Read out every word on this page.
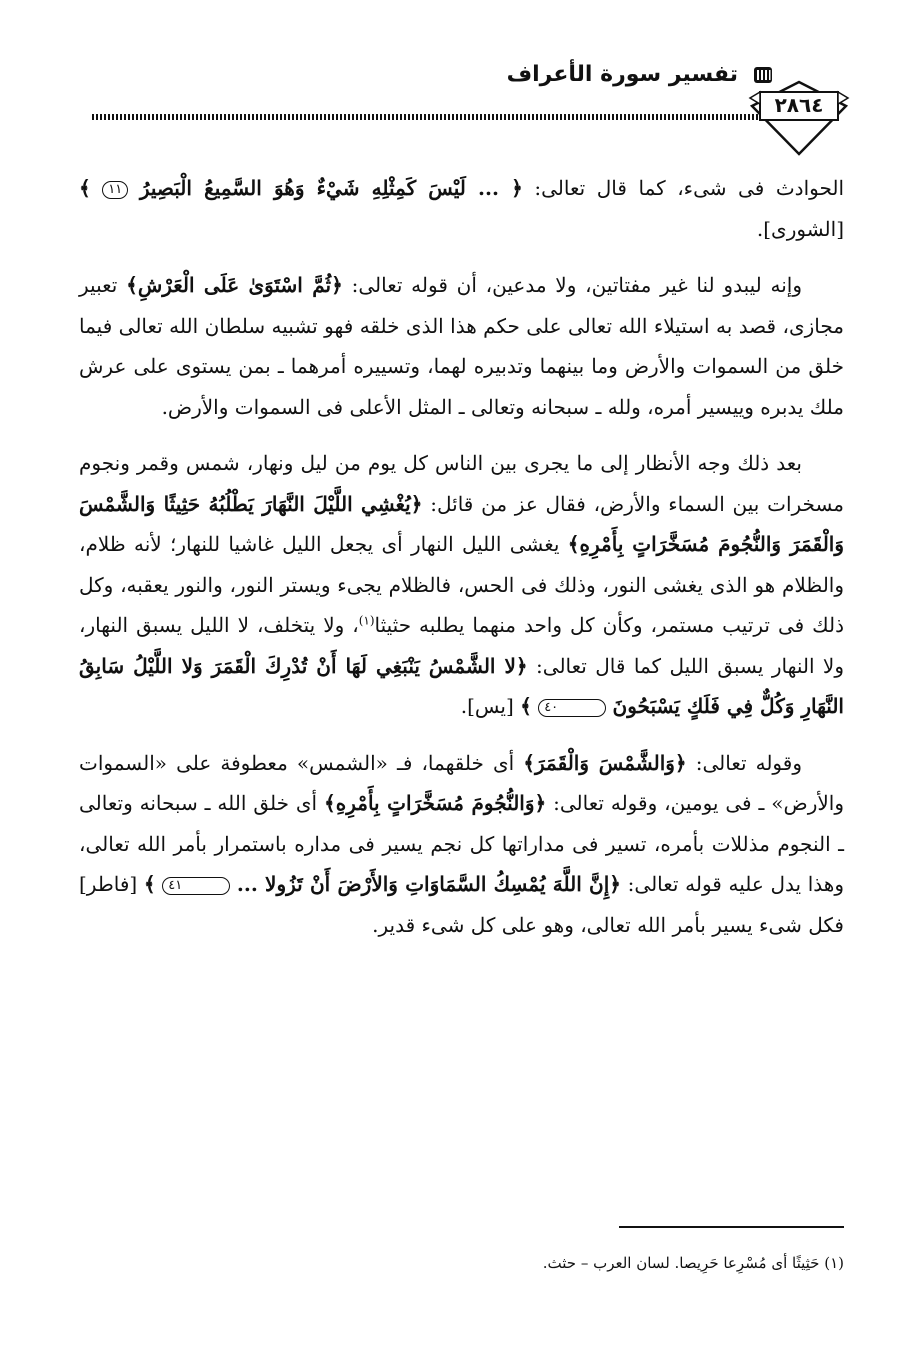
تفسير سورة الأعراف
٢٨٦٤

الحوادث فى شىء، كما قال تعالى: ﴿ ... لَيْسَ كَمِثْلِهِ شَيْءٌ وَهُوَ السَّمِيعُ الْبَصِيرُ ١١ ﴾ [الشورى].

وإنه ليبدو لنا غير مفتاتين، ولا مدعين، أن قوله تعالى: ﴿ثُمَّ اسْتَوَىٰ عَلَى الْعَرْشِ﴾ تعبير مجازى، قصد به استيلاء الله تعالى على حكم هذا الذى خلقه فهو تشبيه سلطان الله تعالى فيما خلق من السموات والأرض وما بينهما وتدبيره لهما، وتسييره أمرهما ـ بمن يستوى على عرش ملك يدبره وييسير أمره، ولله ـ سبحانه وتعالى ـ المثل الأعلى فى السموات والأرض.

بعد ذلك وجه الأنظار إلى ما يجرى بين الناس كل يوم من ليل ونهار، شمس وقمر ونجوم مسخرات بين السماء والأرض، فقال عز من قائل: ﴿يُغْشِي اللَّيْلَ النَّهَارَ يَطْلُبُهُ حَثِيثًا وَالشَّمْسَ وَالْقَمَرَ وَالنُّجُومَ مُسَخَّرَاتٍ بِأَمْرِهِ﴾ يغشى الليل النهار أى يجعل الليل غاشيا للنهار؛ لأنه ظلام، والظلام هو الذى يغشى النور، وذلك فى الحس، فالظلام يجىء ويستر النور، والنور يعقبه، وكل ذلك فى ترتيب مستمر، وكأن كل واحد منهما يطلبه حثيثا$^{(١)}$، ولا يتخلف، لا الليل يسبق النهار، ولا النهار يسبق الليل كما قال تعالى: ﴿لا الشَّمْسُ يَنْبَغِي لَهَا أَنْ تُدْرِكَ الْقَمَرَ وَلا اللَّيْلُ سَابِقُ النَّهَارِ وَكُلٌّ فِي فَلَكٍ يَسْبَحُونَ ٤٠ ﴾ [يس].

وقوله تعالى: ﴿وَالشَّمْسَ وَالْقَمَرَ﴾ أى خلقهما، فـ «الشمس» معطوفة على «السموات والأرض» ـ فى يومين، وقوله تعالى: ﴿وَالنُّجُومَ مُسَخَّرَاتٍ بِأَمْرِهِ﴾ أى خلق الله ـ سبحانه وتعالى ـ النجوم مذللات بأمره، تسير فى مداراتها كل نجم يسير فى مداره باستمرار بأمر الله تعالى، وهذا يدل عليه قوله تعالى: ﴿إِنَّ اللَّهَ يُمْسِكُ السَّمَاوَاتِ وَالأَرْضَ أَنْ تَزُولا ... ٤١ ﴾ [فاطر] فكل شىء يسير بأمر الله تعالى، وهو على كل شىء قدير.

(١) حَثِيثًا أى مُسْرِعا حَرِيصا. لسان العرب – حثث.
